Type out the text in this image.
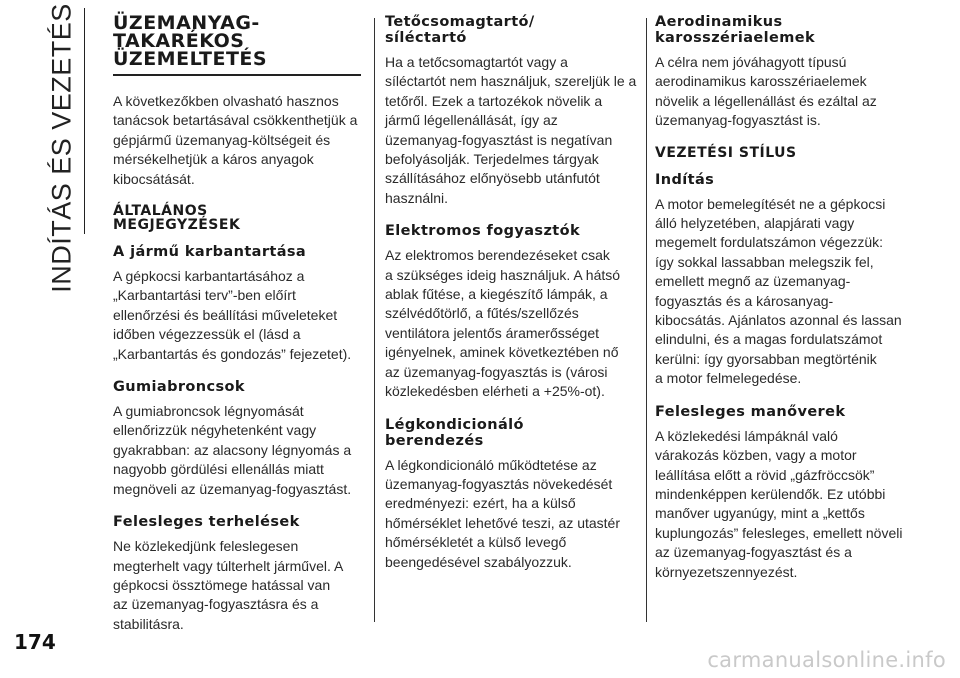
INDÍTÁS ÉS VEZETÉS ÜZEMANYAG-
TAKARÉKOS
ÜZEMELTETÉS

A következőkben olvasható hasznos
tanácsok betartásával csökkenthetjük a
gépjármű üzemanyag-költségeit és
mérsékelhetjük a káros anyagok
kibocsátását.

ÁLTALÁNOS
MEGJEGYZÉSEK
A jármű karbantartása

A gépkocsi karbantartásához a
„Karbantartási terv”-ben előírt
ellenőrzési és beállítási műveleteket
időben végezzessük el (lásd a
„Karbantartás és gondozás” fejezetet).

Gumiabroncsok

A gumiabroncsok légnyomását
ellenőrizzük négyhetenként vagy
gyakrabban: az alacsony légnyomás a
nagyobb gördülési ellenállás miatt
megnöveli az üzemanyag-fogyasztást.

Felesleges terhelések

Ne közlekedjünk feleslegesen
megterhelt vagy túlterhelt járművel. A
gépkocsi össztömege hatással van
az üzemanyag-fogyasztásra és a
stabilitásra.

Tetőcsomagtartó/
síléctartó

Ha a tetőcsomagtartót vagy a
síléctartót nem használjuk, szereljük le a
tetőről. Ezek a tartozékok növelik a
jármű légellenállását, így az
üzemanyag-fogyasztást is negatívan
befolyásolják. Terjedelmes tárgyak
szállításához előnyösebb utánfutót
használni.

Elektromos fogyasztók

Az elektromos berendezéseket csak
a szükséges ideig használjuk. A hátsó
ablak fűtése, a kiegészítő lámpák, a
szélvédőtörlő, a fűtés/szellőzés
ventilátora jelentős áramerősséget
igényelnek, aminek következtében nő
az üzemanyag-fogyasztás is (városi
közlekedésben elérheti a +25%-ot).

Légkondicionáló
berendezés

A légkondicionáló működtetése az
üzemanyag-fogyasztás növekedését
eredményezi: ezért, ha a külső
hőmérséklet lehetővé teszi, az utastér
hőmérsékletét a külső levegő
beengedésével szabályozzuk.

Aerodinamikus
karosszériaelemek

A célra nem jóváhagyott típusú
aerodinamikus karosszériaelemek
növelik a légellenállást és ezáltal az
üzemanyag-fogyasztást is.

VEZETÉSI STÍLUS
Indítás

A motor bemelegítését ne a gépkocsi
álló helyzetében, alapjárati vagy
megemelt fordulatszámon végezzük:
így sokkal lassabban melegszik fel,
emellett megnő az üzemanyag-
fogyasztás és a károsanyag-
kibocsátás. Ajánlatos azonnal és lassan
elindulni, és a magas fordulatszámot
kerülni: így gyorsabban megtörténik
a motor felmelegedése.

Felesleges manőverek

A közlekedési lámpáknál való
várakozás közben, vagy a motor
leállítása előtt a rövid „gázfröccsök”
mindenképpen kerülendők. Ez utóbbi
manőver ugyanúgy, mint a „kettős
kuplungozás” felesleges, emellett növeli
az üzemanyag-fogyasztást és a
környezetszennyezést.

174
carmanualsonline.info
